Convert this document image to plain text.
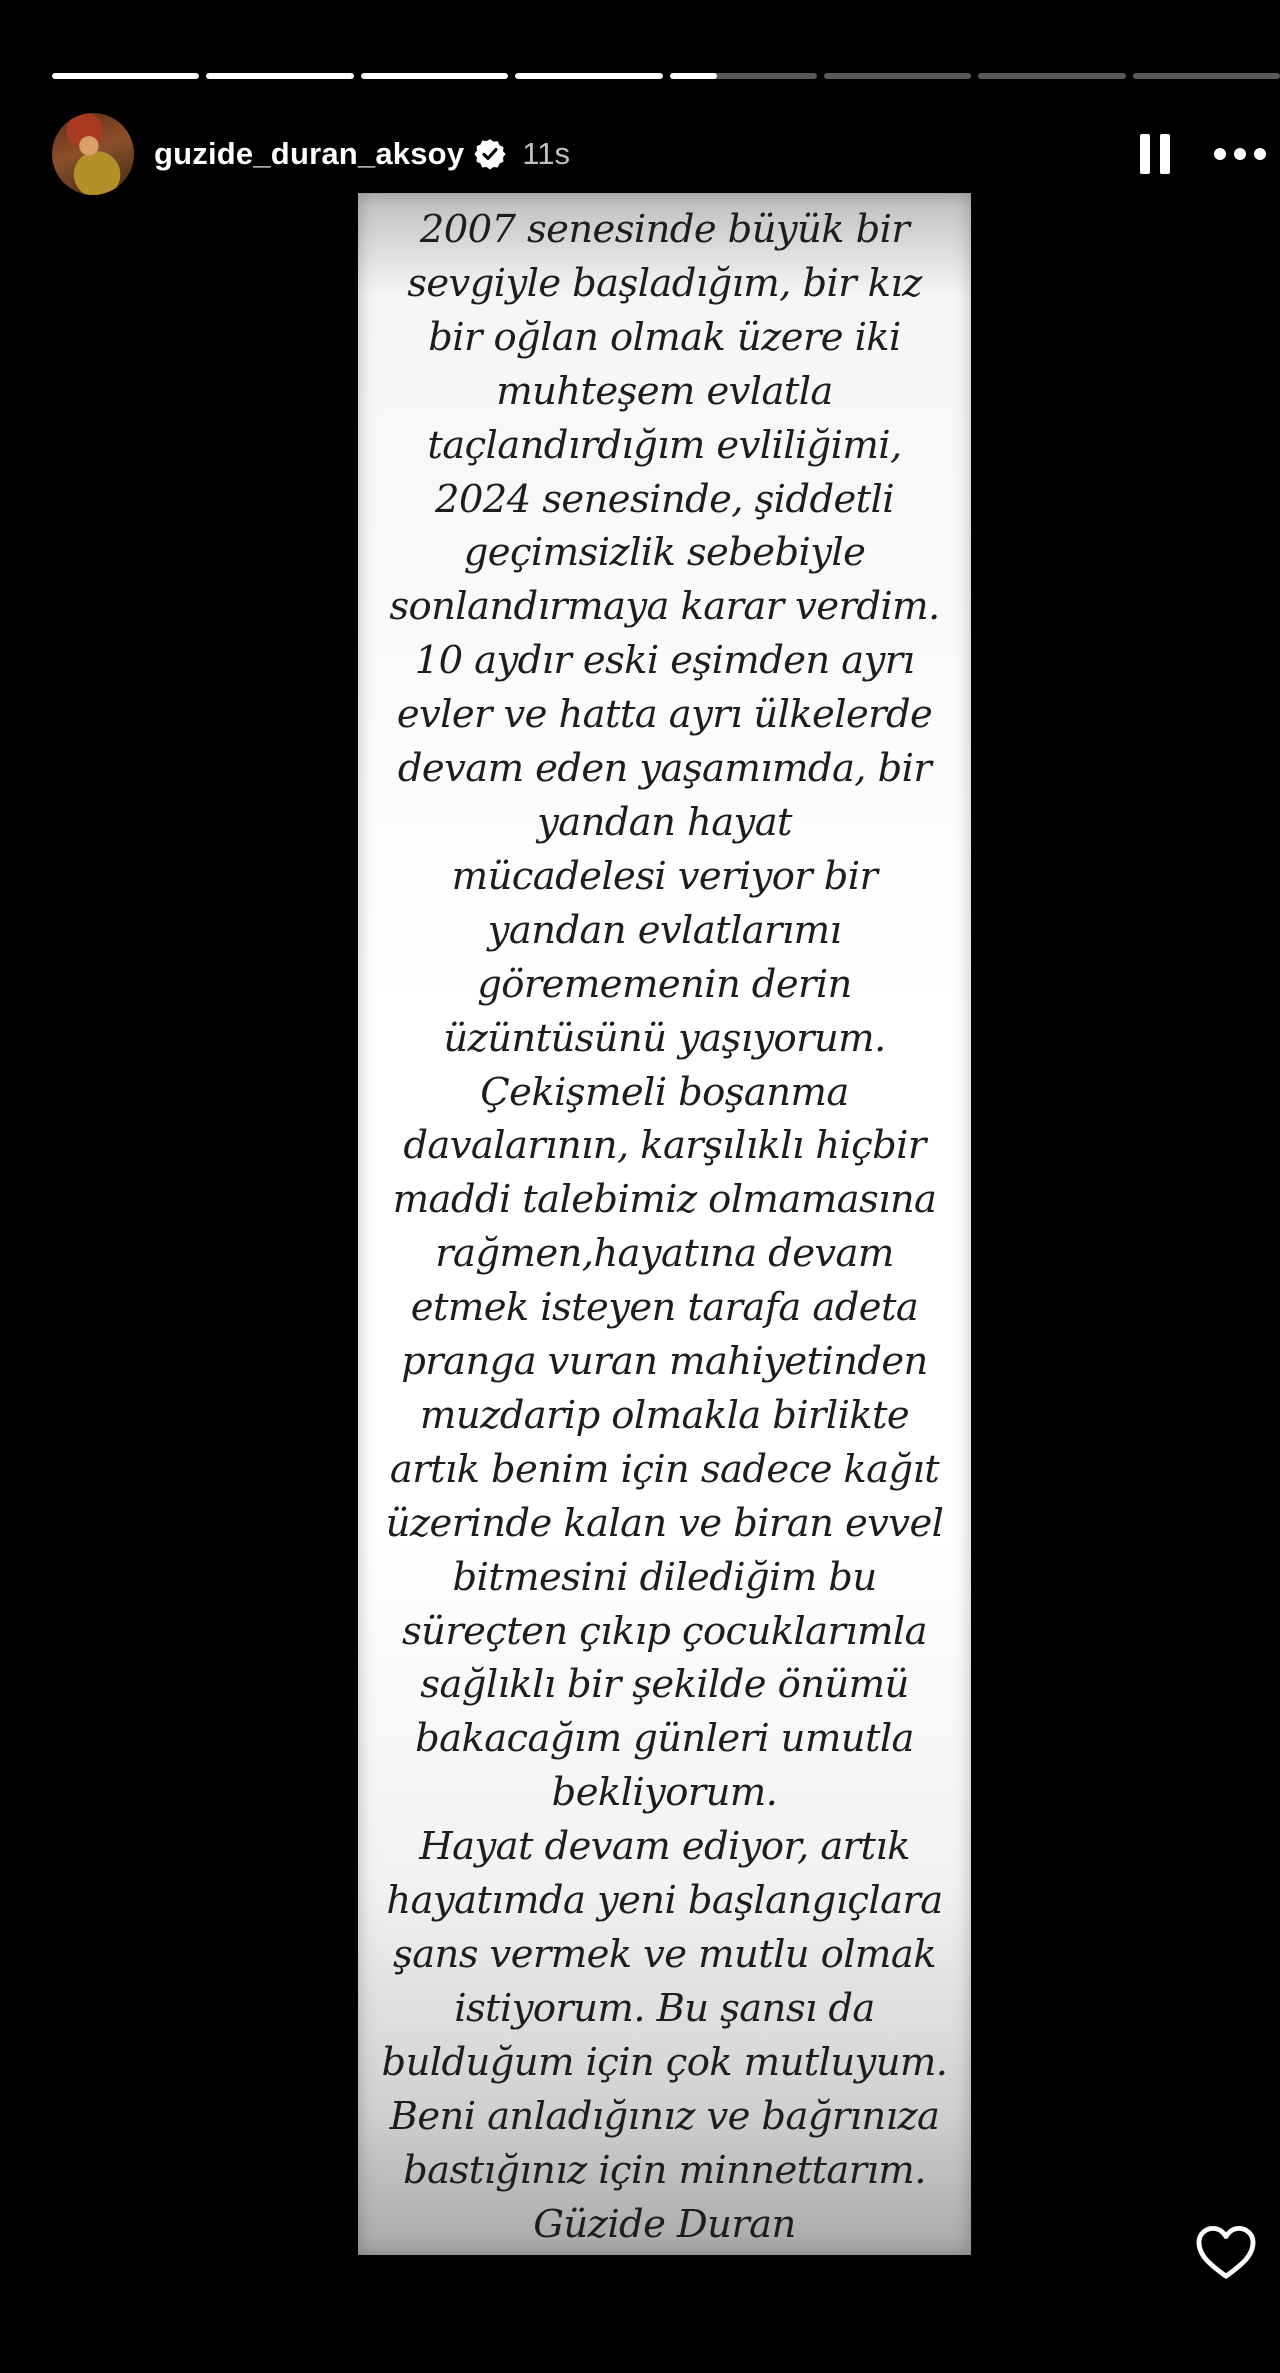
guzide_duran_aksoy 11s
2007 senesinde büyük bir
sevgiyle başladığım, bir kız
bir oğlan olmak üzere iki
muhteşem evlatla
taçlandırdığım evliliğimi,
2024 senesinde, şiddetli
geçimsizlik sebebiyle
sonlandırmaya karar verdim.
10 aydır eski eşimden ayrı
evler ve hatta ayrı ülkelerde
devam eden yaşamımda, bir
yandan hayat
mücadelesi veriyor bir
yandan evlatlarımı
görememenin derin
üzüntüsünü yaşıyorum.
Çekişmeli boşanma
davalarının, karşılıklı hiçbir
maddi talebimiz olmamasına
rağmen,hayatına devam
etmek isteyen tarafa adeta
pranga vuran mahiyetinden
muzdarip olmakla birlikte
artık benim için sadece kağıt
üzerinde kalan ve biran evvel
bitmesini dilediğim bu
süreçten çıkıp çocuklarımla
sağlıklı bir şekilde önümü
bakacağım günleri umutla
bekliyorum.
Hayat devam ediyor, artık
hayatımda yeni başlangıçlara
şans vermek ve mutlu olmak
istiyorum. Bu şansı da
bulduğum için çok mutluyum.
Beni anladığınız ve bağrınıza
bastığınız için minnettarım.
Güzide Duran
